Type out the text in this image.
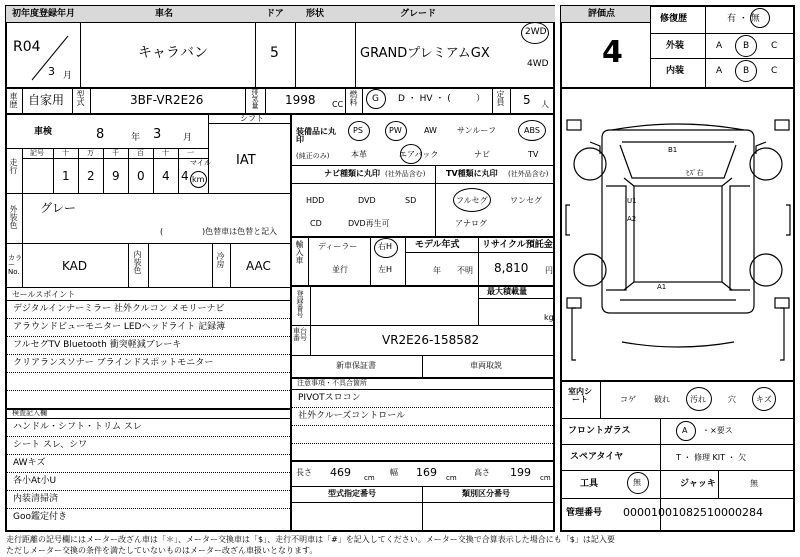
初年度登録年月	車名	ドア 形状	グレード
R04
3 月
キャラバン	5	GRANDプレミアムGX
2WD
4WD
評価点
4
修復歴	有 ・ 無
外装	A B C
内装	A B C
車歴 自家用 型式	3BF-VR2E26	排気量 1998 CC 燃料 G D ・ HV ・ (	） 定員 5 人
車検	8	年 3 月
シフト
IAT
走行
記号	十	万	千	百	十	一
1 2 9 0 4 4
マイル
km
装備品に丸印
(純正のみ)
PS	PW	AW	サンルーフ	ABS
本革	エアバック	ナビ	TV
ナビ種類に丸印 (社外品含む)	TV種類に丸印 (社外品含む)
HDD	DVD	SD
CD	DVD再生可
フルセグ	ワンセグ
アナログ
外装色 グレー
(	)色替車は色替と記入
カラーNo.	KAD	内装色	冷房 AAC
輸入車 ディーラー
並行
右H
左H
モデル年式
年 不明
リサイクル預託金
8,810 円
セールスポイント
デジタルインナーミラー 社外クルコン メモリーナビ
アラウンドビューモニター LEDヘッドライト 記録簿
フルセグTV Bluetooth 衝突軽減ブレーキ
クリアランスソナー ブラインドスポットモニター
登録番号	最大積載量
kg
車台番号	VR2E26-158582
新車保証書	車両取説
注意事項・不具合箇所
PIVOTスロコン
社外クルーズコントロール
検査記入欄
ハンドル・シフト・トリム スレ
シート スレ、シワ
AWキズ
各小At小U
内装清掃済
Goo鑑定付き
長さ 469 cm
幅 169 cm
高さ 199 cm
型式指定番号	類別区分番号
B1
ﾋｽﾞ右
U1
A2
A1
室内シート	コゲ 破れ	汚れ	穴	キズ
フロントガラス	A ・ ×要ス
スペアタイヤ	T ・ 修理 KIT ・ 欠
工具	無	ジャッキ	無
管理番号 00001001082510000284
走行距離の記号欄にはメーター改ざん車は「＊」、メーター交換車は「$」、走行不明車は「#」を記入してください。メーター交換で合算表示した場合にも「$」は記入要
ただしメーター交換の条件を満たしていないものはメーター改ざん車扱いとなります。
